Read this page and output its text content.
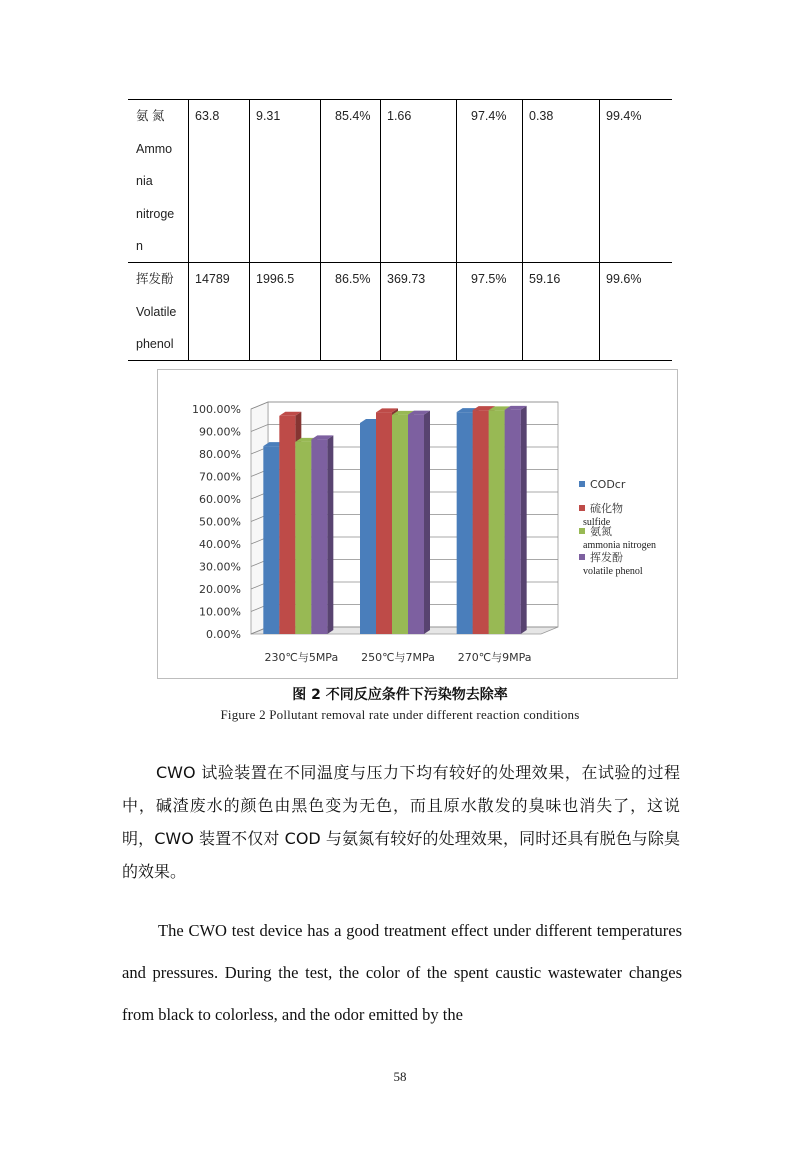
氨 氮
Ammo
nia
nitroge
n
63.8	9.31	85.4%	1.66	97.4%	0.38	99.4%
挥发酚
Volatile
phenol
14789	1996.5	86.5%	369.73	97.5%	59.16	99.6%
0.00%
10.00%
20.00%
30.00%
40.00%
50.00%
60.00%
70.00%
80.00%
90.00%
100.00%
230℃与5MPa 250℃与7MPa 270℃与9MPa
CODcr
硫化物
sulfide
氨氮
ammonia nitrogen
挥发酚
volatile phenol
图 2 不同反应条件下污染物去除率
Figure 2 Pollutant removal rate under different reaction conditions

CWO 试验装置在不同温度与压力下均有较好的处理效果，在试验的过程中，碱渣废水的颜色由黑色变为无色，而且原水散发的臭味也消失了，这说明，CWO 装置不仅对 COD 与氨氮有较好的处理效果，同时还具有脱色与除臭的效果。

The CWO test device has a good treatment effect under different temperatures and pressures. During the test, the color of the spent caustic wastewater changes from black to colorless, and the odor emitted by the

58
